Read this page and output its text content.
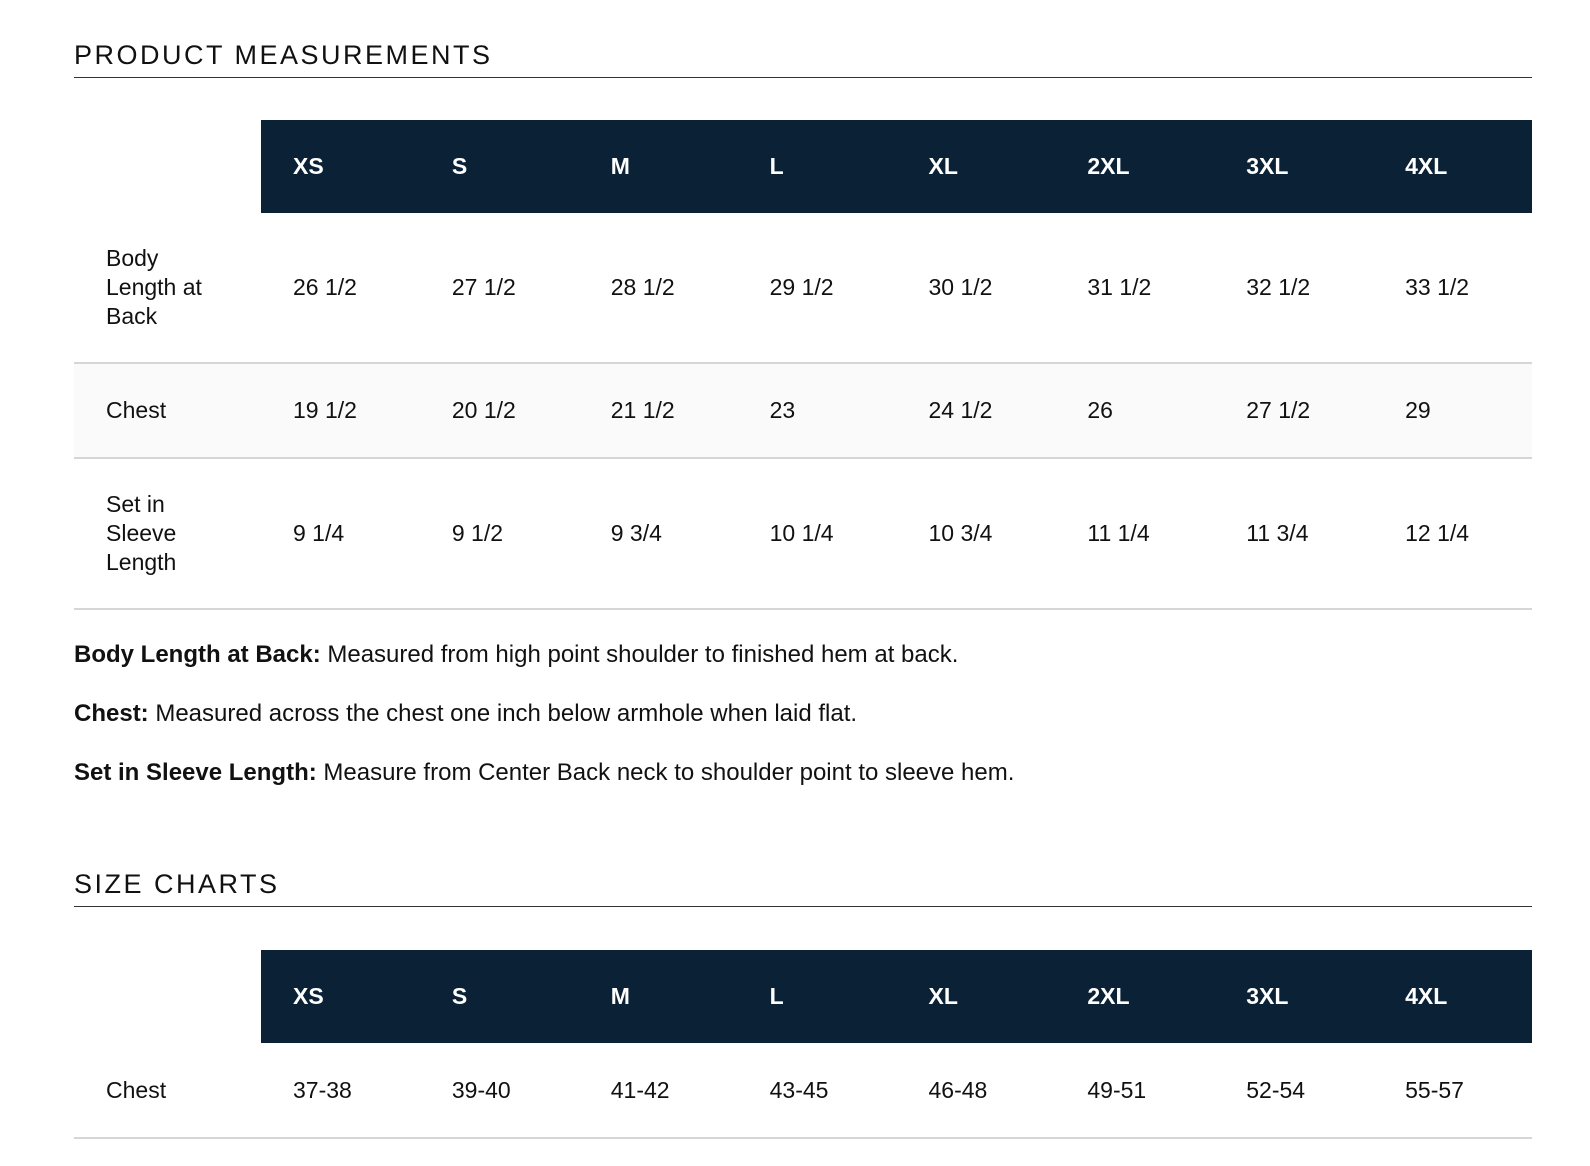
PRODUCT MEASUREMENTS
	XS	S	M	L	XL	2XL	3XL	4XL

Body Length at Back	26 1/2	27 1/2	28 1/2	29 1/2	30 1/2	31 1/2	32 1/2	33 1/2

Chest	19 1/2	20 1/2	21 1/2	23	24 1/2	26	27 1/2	29

Set in Sleeve Length	9 1/4	9 1/2	9 3/4	10 1/4	10 3/4	11 1/4	11 3/4	12 1/4

Body Length at Back: Measured from high point shoulder to finished hem at back.

Chest: Measured across the chest one inch below armhole when laid flat.

Set in Sleeve Length: Measure from Center Back neck to shoulder point to sleeve hem.

SIZE CHARTS
	XS	S	M	L	XL	2XL	3XL	4XL

Chest	37-38	39-40	41-42	43-45	46-48	49-51	52-54	55-57
